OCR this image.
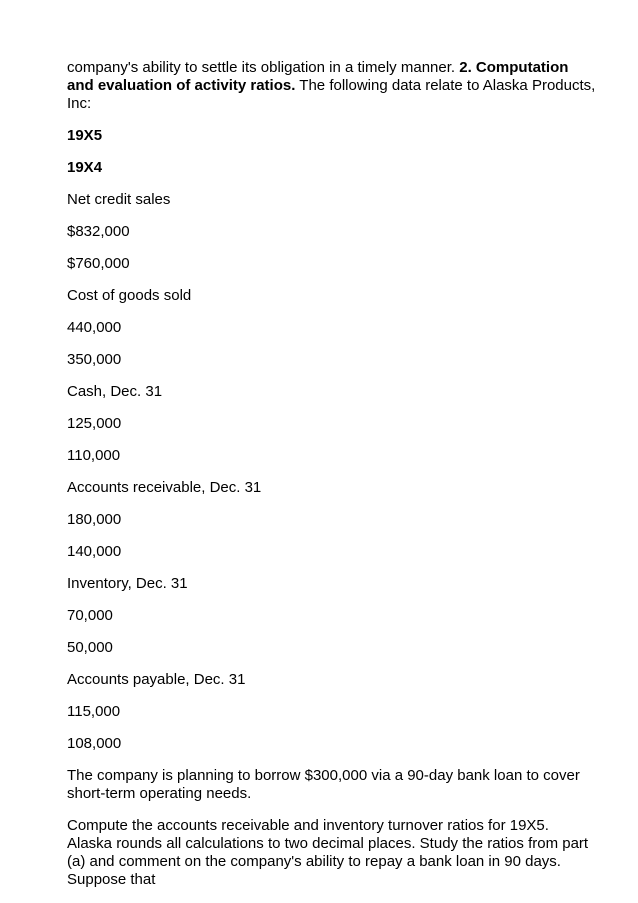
company's ability to settle its obligation in a timely manner. 2. Computation and evaluation of activity ratios. The following data relate to Alaska Products, Inc:

19X5
19X4
Net credit sales
$832,000
$760,000
Cost of goods sold
440,000
350,000
Cash, Dec. 31
125,000
110,000
Accounts receivable, Dec. 31
180,000
140,000
Inventory, Dec. 31
70,000
50,000
Accounts payable, Dec. 31
115,000
108,000

The company is planning to borrow $300,000 via a 90-day bank loan to cover short-term operating needs.

Compute the accounts receivable and inventory turnover ratios for 19X5. Alaska rounds all calculations to two decimal places. Study the ratios from part (a) and comment on the company's ability to repay a bank loan in 90 days. Suppose that
